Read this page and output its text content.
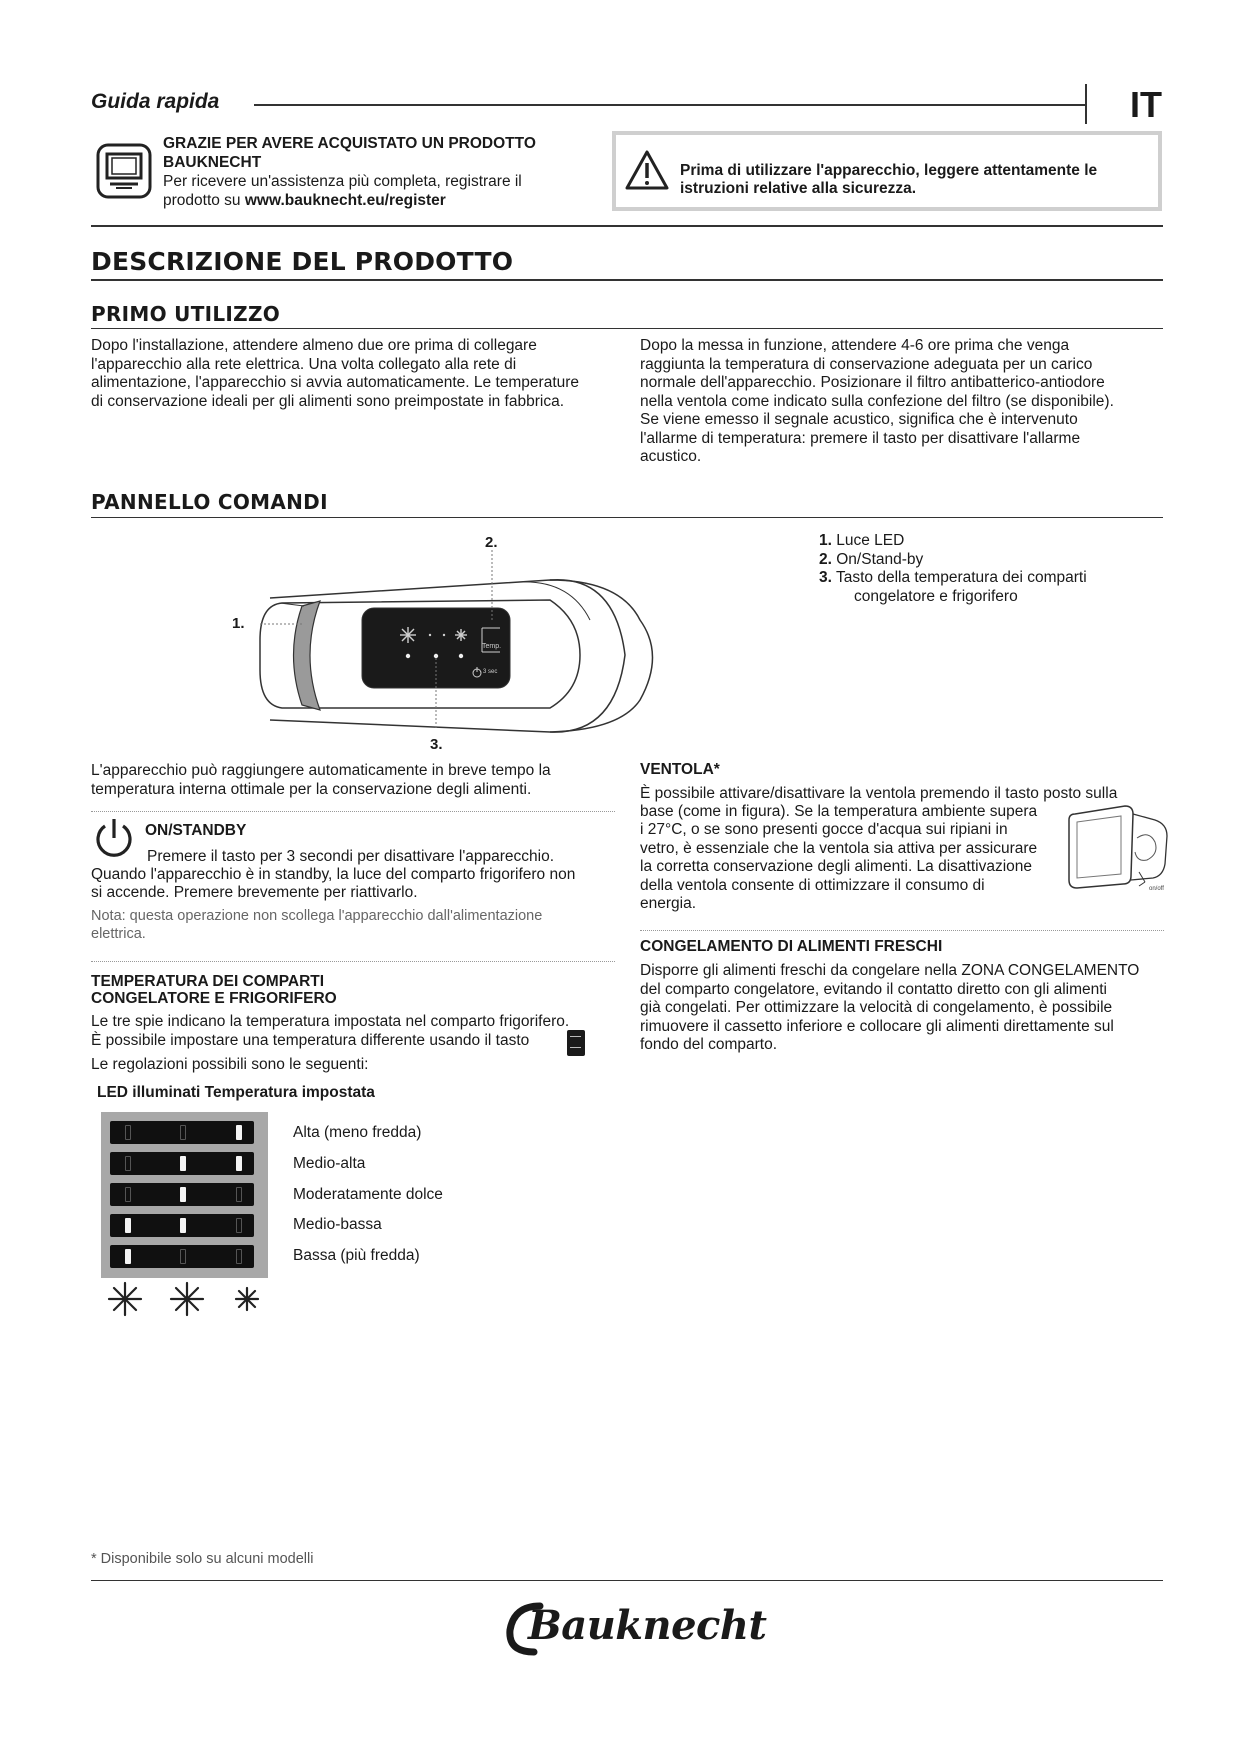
Guida rapida	IT
GRAZIE PER AVERE ACQUISTATO UN PRODOTTO
BAUKNECHT
Per ricevere un'assistenza più completa, registrare il
prodotto su www.bauknecht.eu/register
Prima di utilizzare l'apparecchio, leggere attentamente le
istruzioni relative alla sicurezza.
DESCRIZIONE DEL PRODOTTO
PRIMO UTILIZZO
Dopo l'installazione, attendere almeno due ore prima di collegare
l'apparecchio alla rete elettrica. Una volta collegato alla rete di
alimentazione, l'apparecchio si avvia automaticamente. Le temperature
di conservazione ideali per gli alimenti sono preimpostate in fabbrica.
Dopo la messa in funzione, attendere 4-6 ore prima che venga
raggiunta la temperatura di conservazione adeguata per un carico
normale dell'apparecchio. Posizionare il filtro antibatterico-antiodore
nella ventola come indicato sulla confezione del filtro (se disponibile).
Se viene emesso il segnale acustico, significa che è intervenuto
l'allarme di temperatura: premere il tasto per disattivare l'allarme
acustico.
PANNELLO COMANDI
Temp.
3 sec
1.
2.
3.
1. Luce LED
2. On/Stand-by
3. Tasto della temperatura dei comparti
congelatore e frigorifero
L'apparecchio può raggiungere automaticamente in breve tempo la
temperatura interna ottimale per la conservazione degli alimenti.
ON/STANDBY
Premere il tasto per 3 secondi per disattivare l'apparecchio.
Quando l'apparecchio è in standby, la luce del comparto frigorifero non
si accende. Premere brevemente per riattivarlo.
Nota: questa operazione non scollega l'apparecchio dall'alimentazione
elettrica.
TEMPERATURA DEI COMPARTI
CONGELATORE E FRIGORIFERO
Le tre spie indicano la temperatura impostata nel comparto frigorifero.
È possibile impostare una temperatura differente usando il tasto
Le regolazioni possibili sono le seguenti:
LED illuminati Temperatura impostata
Alta (meno fredda)
Medio-alta
Moderatamente dolce
Medio-bassa
Bassa (più fredda)
VENTOLA*
È possibile attivare/disattivare la ventola premendo il tasto posto sulla
base (come in figura). Se la temperatura ambiente supera
i 27°C, o se sono presenti gocce d'acqua sui ripiani in
vetro, è essenziale che la ventola sia attiva per assicurare
la corretta conservazione degli alimenti. La disattivazione
della ventola consente di ottimizzare il consumo di
energia.
on/off
CONGELAMENTO DI ALIMENTI FRESCHI
Disporre gli alimenti freschi da congelare nella ZONA CONGELAMENTO
del comparto congelatore, evitando il contatto diretto con gli alimenti
già congelati. Per ottimizzare la velocità di congelamento, è possibile
rimuovere il cassetto inferiore e collocare gli alimenti direttamente sul
fondo del comparto.
* Disponibile solo su alcuni modelli
Bauknecht
